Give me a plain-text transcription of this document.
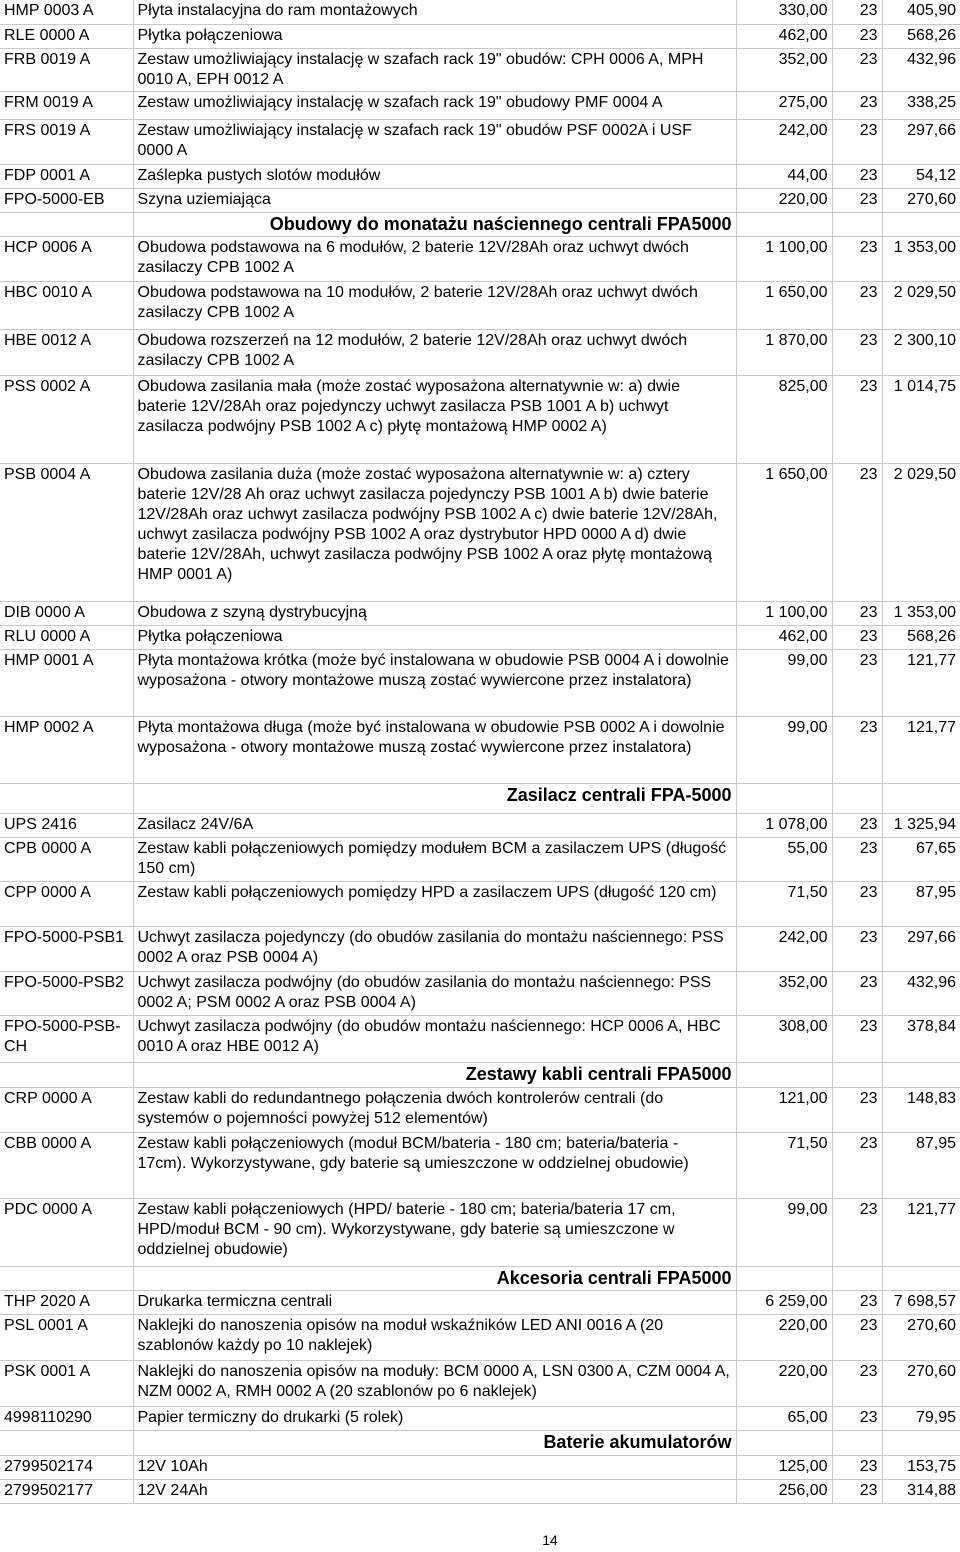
HMP 0003 A	Płyta instalacyjna do ram montażowych	330,00	23	405,90
RLE 0000 A	Płytka połączeniowa	462,00	23	568,26
FRB 0019 A	Zestaw umożliwiający instalację w szafach rack 19" obudów: CPH 0006 A, MPH 0010 A, EPH 0012 A	352,00	23	432,96
FRM 0019 A	Zestaw umożliwiający instalację w szafach rack 19" obudowy PMF 0004 A	275,00	23	338,25
FRS 0019 A	Zestaw umożliwiający instalację w szafach rack 19" obudów PSF 0002A i USF 0000 A	242,00	23	297,66
FDP 0001 A	Zaślepka pustych slotów modułów	44,00	23	54,12
FPO-5000-EB	Szyna uziemiająca	220,00	23	270,60
	Obudowy do monatażu naściennego centrali FPA5000			
HCP 0006 A	Obudowa podstawowa na 6 modułów, 2 baterie 12V/28Ah oraz uchwyt dwóch zasilaczy CPB 1002 A	1 100,00	23	1 353,00
HBC 0010 A	Obudowa podstawowa na 10 modułów, 2 baterie 12V/28Ah oraz uchwyt dwóch zasilaczy CPB 1002 A	1 650,00	23	2 029,50
HBE 0012 A	Obudowa rozszerzeń na 12 modułów, 2 baterie 12V/28Ah oraz uchwyt dwóch zasilaczy CPB 1002 A	1 870,00	23	2 300,10
PSS 0002 A	Obudowa zasilania mała (może zostać wyposażona alternatywnie w: a) dwie baterie 12V/28Ah oraz pojedynczy uchwyt zasilacza PSB 1001 A b) uchwyt zasilacza podwójny PSB 1002 A c) płytę montażową HMP 0002 A)	825,00	23	1 014,75
PSB 0004 A	Obudowa zasilania duża (może zostać wyposażona alternatywnie w: a) cztery baterie 12V/28 Ah oraz uchwyt zasilacza pojedynczy PSB 1001 A b) dwie baterie 12V/28Ah oraz uchwyt zasilacza podwójny PSB 1002 A c) dwie baterie 12V/28Ah, uchwyt zasilacza podwójny PSB 1002 A oraz dystrybutor HPD 0000 A d) dwie baterie 12V/28Ah, uchwyt zasilacza podwójny PSB 1002 A oraz płytę montażową HMP 0001 A)	1 650,00	23	2 029,50
DIB 0000 A	Obudowa z szyną dystrybucyjną	1 100,00	23	1 353,00
RLU 0000 A	Płytka połączeniowa	462,00	23	568,26
HMP 0001 A	Płyta montażowa krótka (może być instalowana w obudowie PSB 0004 A i dowolnie wyposażona - otwory montażowe muszą zostać wywiercone przez instalatora)	99,00	23	121,77
HMP 0002 A	Płyta montażowa długa (może być instalowana w obudowie PSB 0002 A i dowolnie wyposażona - otwory montażowe muszą zostać wywiercone przez instalatora)	99,00	23	121,77
	Zasilacz centrali FPA-5000			
UPS 2416	Zasilacz 24V/6A	1 078,00	23	1 325,94
CPB 0000 A	Zestaw kabli połączeniowych pomiędzy modułem BCM a zasilaczem UPS (długość 150 cm)	55,00	23	67,65
CPP 0000 A	Zestaw kabli połączeniowych pomiędzy HPD a zasilaczem UPS (długość 120 cm)	71,50	23	87,95
FPO-5000-PSB1	Uchwyt zasilacza pojedynczy (do obudów zasilania do montażu naściennego: PSS 0002 A oraz PSB 0004 A)	242,00	23	297,66
FPO-5000-PSB2	Uchwyt zasilacza podwójny (do obudów zasilania do montażu naściennego: PSS 0002 A; PSM 0002 A oraz PSB 0004 A)	352,00	23	432,96
FPO-5000-PSB-CH	Uchwyt zasilacza podwójny (do obudów montażu naściennego: HCP 0006 A, HBC 0010 A oraz HBE 0012 A)	308,00	23	378,84
	Zestawy kabli centrali FPA5000			
CRP 0000 A	Zestaw kabli do redundantnego połączenia dwóch kontrolerów centrali (do systemów o pojemności powyżej 512 elementów)	121,00	23	148,83
CBB 0000 A	Zestaw kabli połączeniowych (moduł BCM/bateria - 180 cm; bateria/bateria - 17cm). Wykorzystywane, gdy baterie są umieszczone w oddzielnej obudowie)	71,50	23	87,95
PDC 0000 A	Zestaw kabli połączeniowych (HPD/ baterie - 180 cm; bateria/bateria 17 cm, HPD/moduł BCM - 90 cm). Wykorzystywane, gdy baterie są umieszczone w oddzielnej obudowie)	99,00	23	121,77
	Akcesoria centrali FPA5000			
THP 2020 A	Drukarka termiczna centrali	6 259,00	23	7 698,57
PSL 0001 A	Naklejki do nanoszenia opisów na moduł wskaźników LED ANI 0016 A (20 szablonów każdy po 10 naklejek)	220,00	23	270,60
PSK 0001 A	Naklejki do nanoszenia opisów na moduły: BCM 0000 A, LSN 0300 A, CZM 0004 A, NZM 0002 A, RMH 0002 A (20 szablonów po 6 naklejek)	220,00	23	270,60
4998110290	Papier termiczny do drukarki (5 rolek)	65,00	23	79,95
	Baterie akumulatorów			
2799502174	12V 10Ah	125,00	23	153,75
2799502177	12V 24Ah	256,00	23	314,88
14
